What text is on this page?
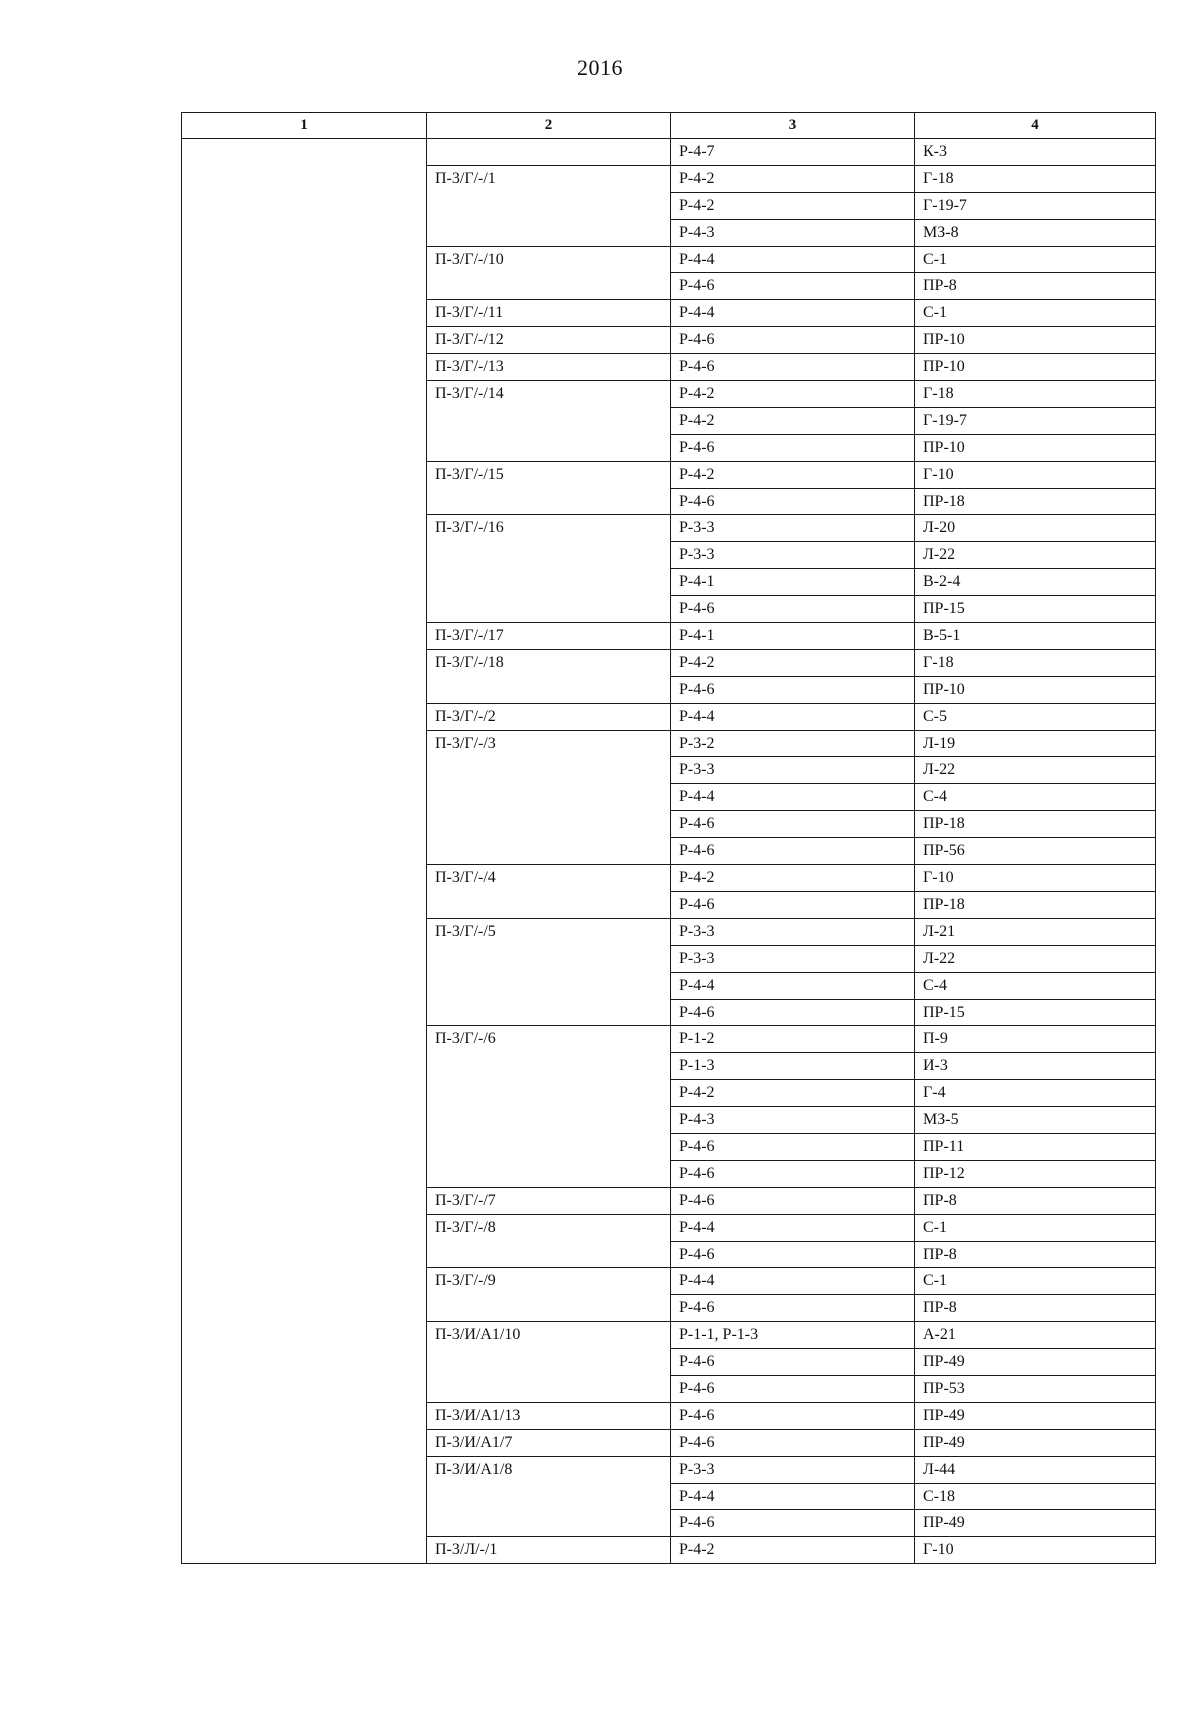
2016
1	2	3	4
		Р-4-7	К-3
	П-3/Г/-/1	Р-4-2	Г-18
		Р-4-2	Г-19-7
		Р-4-3	МЗ-8
	П-3/Г/-/10	Р-4-4	С-1
		Р-4-6	ПР-8
	П-3/Г/-/11	Р-4-4	С-1
	П-3/Г/-/12	Р-4-6	ПР-10
	П-3/Г/-/13	Р-4-6	ПР-10
	П-3/Г/-/14	Р-4-2	Г-18
		Р-4-2	Г-19-7
		Р-4-6	ПР-10
	П-3/Г/-/15	Р-4-2	Г-10
		Р-4-6	ПР-18
	П-3/Г/-/16	Р-3-3	Л-20
		Р-3-3	Л-22
		Р-4-1	В-2-4
		Р-4-6	ПР-15
	П-3/Г/-/17	Р-4-1	В-5-1
	П-3/Г/-/18	Р-4-2	Г-18
		Р-4-6	ПР-10
	П-3/Г/-/2	Р-4-4	С-5
	П-3/Г/-/3	Р-3-2	Л-19
		Р-3-3	Л-22
		Р-4-4	С-4
		Р-4-6	ПР-18
		Р-4-6	ПР-56
	П-3/Г/-/4	Р-4-2	Г-10
		Р-4-6	ПР-18
	П-3/Г/-/5	Р-3-3	Л-21
		Р-3-3	Л-22
		Р-4-4	С-4
		Р-4-6	ПР-15
	П-3/Г/-/6	Р-1-2	П-9
		Р-1-3	И-3
		Р-4-2	Г-4
		Р-4-3	МЗ-5
		Р-4-6	ПР-11
		Р-4-6	ПР-12
	П-3/Г/-/7	Р-4-6	ПР-8
	П-3/Г/-/8	Р-4-4	С-1
		Р-4-6	ПР-8
	П-3/Г/-/9	Р-4-4	С-1
		Р-4-6	ПР-8
	П-3/И/А1/10	Р-1-1, Р-1-3	А-21
		Р-4-6	ПР-49
		Р-4-6	ПР-53
	П-3/И/А1/13	Р-4-6	ПР-49
	П-3/И/А1/7	Р-4-6	ПР-49
	П-3/И/А1/8	Р-3-3	Л-44
		Р-4-4	С-18
		Р-4-6	ПР-49
	П-3/Л/-/1	Р-4-2	Г-10
